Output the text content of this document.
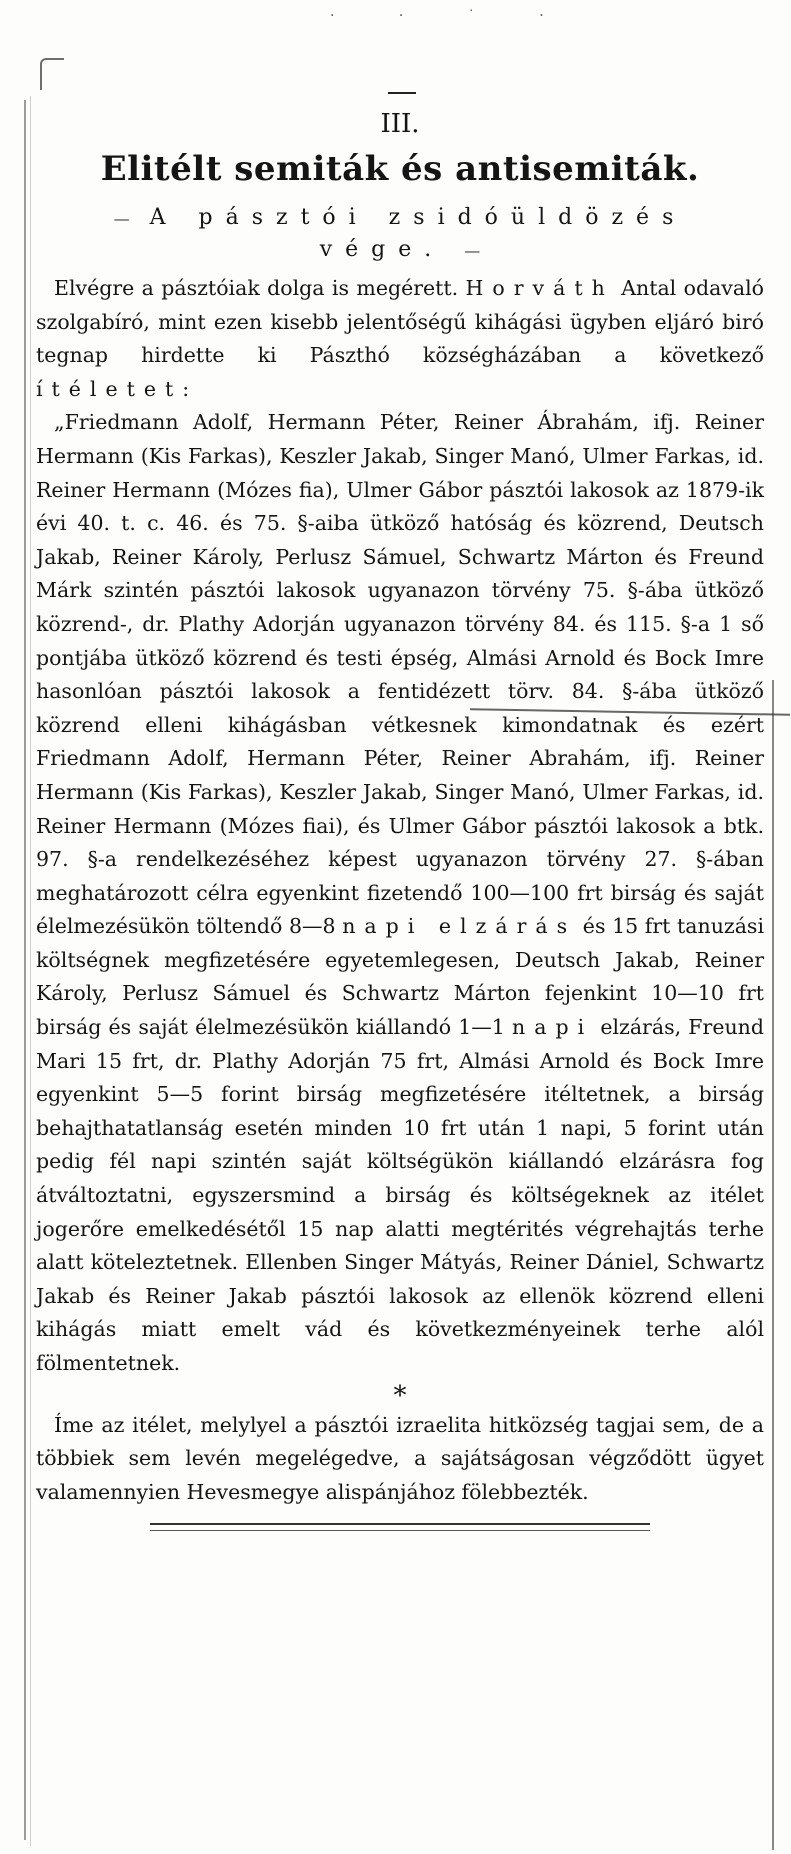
· · ˙ ·
III.
Elitélt semiták és antisemiták.
— A pásztói zsidóüldözés vége. —

Elvégre a pásztóiak dolga is megérett. Horváth Antal odavaló szolgabíró, mint ezen kisebb jelentőségű kihágási ügyben eljáró biró tegnap hirdette ki Pászthó községházában a következő ítéletet:

„Friedmann Adolf, Hermann Péter, Reiner Ábrahám, ifj. Reiner Hermann (Kis Farkas), Keszler Jakab, Singer Manó, Ulmer Farkas, id. Reiner Hermann (Mózes fia), Ulmer Gábor pásztói lakosok az 1879-ik évi 40. t. c. 46. és 75. §-aiba ütköző hatóság és közrend, Deutsch Jakab, Reiner Károly, Perlusz Sámuel, Schwartz Márton és Freund Márk szintén pásztói lakosok ugyanazon törvény 75. §-ába ütköző közrend-, dr. Plathy Adorján ugyanazon törvény 84. és 115. §-a 1 ső pontjába ütköző közrend és testi épség, Almási Arnold és Bock Imre hasonlóan pásztói lakosok a fentidézett törv. 84. §-ába ütköző közrend elleni kihágásban vétkesnek kimondatnak és ezért Friedmann Adolf, Hermann Péter, Reiner Abrahám, ifj. Reiner Hermann (Kis Farkas), Keszler Jakab, Singer Manó, Ulmer Farkas, id. Reiner Hermann (Mózes fiai), és Ulmer Gábor pásztói lakosok a btk. 97. §-a rendelkezéséhez képest ugyanazon törvény 27. §-ában meghatározott célra egyenkint fizetendő 100—100 frt birság és saját élelmezésükön töltendő 8—8 napi elzárás és 15 frt tanuzási költségnek megfizetésére egyetemlegesen, Deutsch Jakab, Reiner Károly, Perlusz Sámuel és Schwartz Márton fejenkint 10—10 frt birság és saját élelmezésükön kiállandó 1—1 napi elzárás, Freund Mari 15 frt, dr. Plathy Adorján 75 frt, Almási Arnold és Bock Imre egyenkint 5—5 forint birság megfizetésére itéltetnek, a birság behajthatatlanság esetén minden 10 frt után 1 napi, 5 forint után pedig fél napi szintén saját költségükön kiállandó elzárásra fog átváltoztatni, egyszersmind a birság és költségeknek az itélet jogerőre emelkedésétől 15 nap alatti megtérités végrehajtás terhe alatt köteleztetnek. Ellenben Singer Mátyás, Reiner Dániel, Schwartz Jakab és Reiner Jakab pásztói lakosok az ellenök közrend elleni kihágás miatt emelt vád és következményeinek terhe alól fölmentetnek.

*

Íme az itélet, melylyel a pásztói izraelita hitközség tagjai sem, de a többiek sem levén megelégedve, a sajátságosan végződött ügyet valamennyien Hevesmegye alispánjához fölebbezték.
